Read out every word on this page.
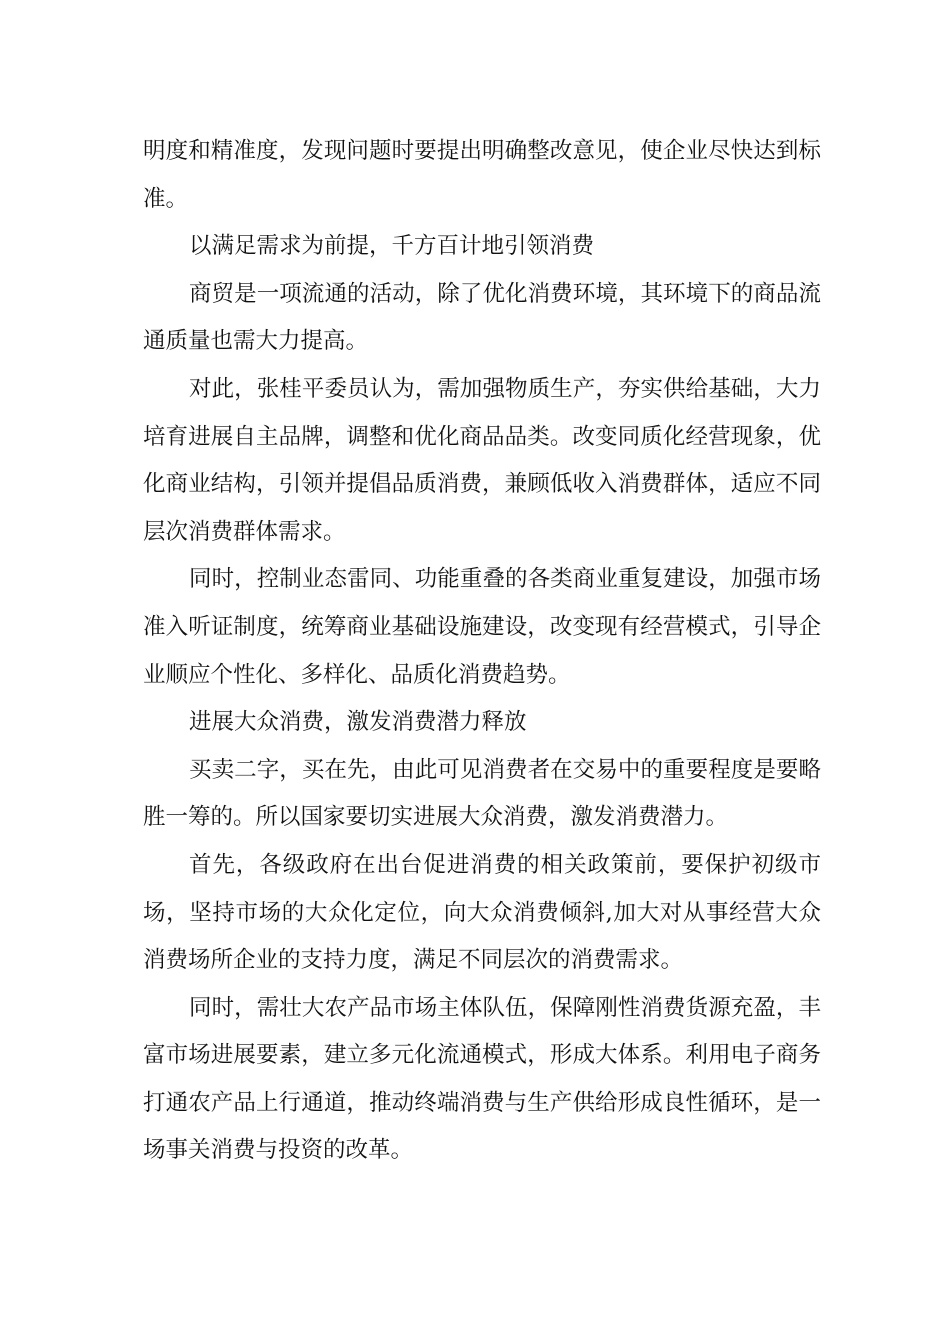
明度和精准度，发现问题时要提出明确整改意见，使企业尽快达到标准。

以满足需求为前提，千方百计地引领消费

商贸是一项流通的活动，除了优化消费环境，其环境下的商品流通质量也需大力提高。

对此，张桂平委员认为，需加强物质生产，夯实供给基础，大力培育进展自主品牌，调整和优化商品品类。改变同质化经营现象，优化商业结构，引领并提倡品质消费，兼顾低收入消费群体，适应不同层次消费群体需求。

同时，控制业态雷同、功能重叠的各类商业重复建设，加强市场准入听证制度，统筹商业基础设施建设，改变现有经营模式，引导企业顺应个性化、多样化、品质化消费趋势。

进展大众消费，激发消费潜力释放

买卖二字，买在先，由此可见消费者在交易中的重要程度是要略胜一筹的。所以国家要切实进展大众消费，激发消费潜力。

首先，各级政府在出台促进消费的相关政策前，要保护初级市场，坚持市场的大众化定位，向大众消费倾斜,加大对从事经营大众消费场所企业的支持力度，满足不同层次的消费需求。

同时，需壮大农产品市场主体队伍，保障刚性消费货源充盈，丰富市场进展要素，建立多元化流通模式，形成大体系。利用电子商务打通农产品上行通道，推动终端消费与生产供给形成良性循环，是一场事关消费与投资的改革。
